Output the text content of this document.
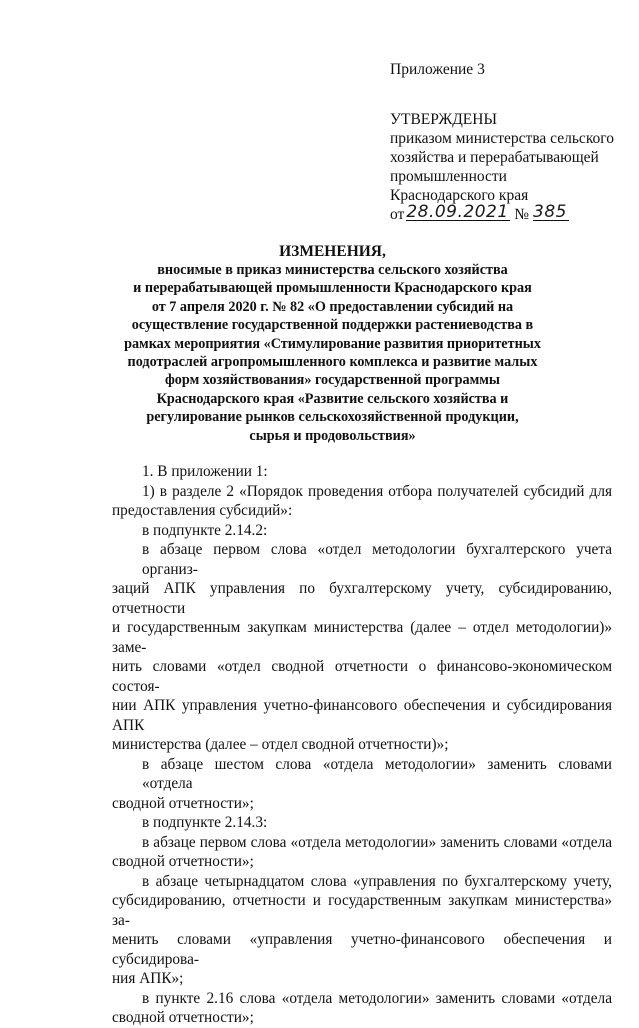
Приложение 3

УТВЕРЖДЕНЫ

приказом министерства сельского

хозяйства и перерабатывающей

промышленности

Краснодарского края

от 28.09.2021 № 385

ИЗМЕНЕНИЯ,

вносимые в приказ министерства сельского хозяйства

и перерабатывающей промышленности Краснодарского края

от 7 апреля 2020 г. № 82 «О предоставлении субсидий на

осуществление государственной поддержки растениеводства в

рамках мероприятия «Стимулирование развития приоритетных

подотраслей агропромышленного комплекса и развитие малых

форм хозяйствования» государственной программы

Краснодарского края «Развитие сельского хозяйства и

регулирование рынков сельскохозяйственной продукции,

сырья и продовольствия»

1. В приложении 1:

1) в разделе 2 «Порядок проведения отбора получателей субсидий для

предоставления субсидий»:

в подпункте 2.14.2:

в абзаце первом слова «отдел методологии бухгалтерского учета организ-

заций АПК управления по бухгалтерскому учету, субсидированию, отчетности

и государственным закупкам министерства (далее – отдел методологии)» заме-

нить словами «отдел сводной отчетности о финансово-экономическом состоя-

нии АПК управления учетно-финансового обеспечения и субсидирования АПК

министерства (далее – отдел сводной отчетности)»;

в абзаце шестом слова «отдела методологии» заменить словами «отдела

сводной отчетности»;

в подпункте 2.14.3:

в абзаце первом слова «отдела методологии» заменить словами «отдела

сводной отчетности»;

в абзаце четырнадцатом слова «управления по бухгалтерскому учету,

субсидированию, отчетности и государственным закупкам министерства» за-

менить словами «управления учетно-финансового обеспечения и субсидирова-

ния АПК»;

в пункте 2.16 слова «отдела методологии» заменить словами «отдела

сводной отчетности»;
